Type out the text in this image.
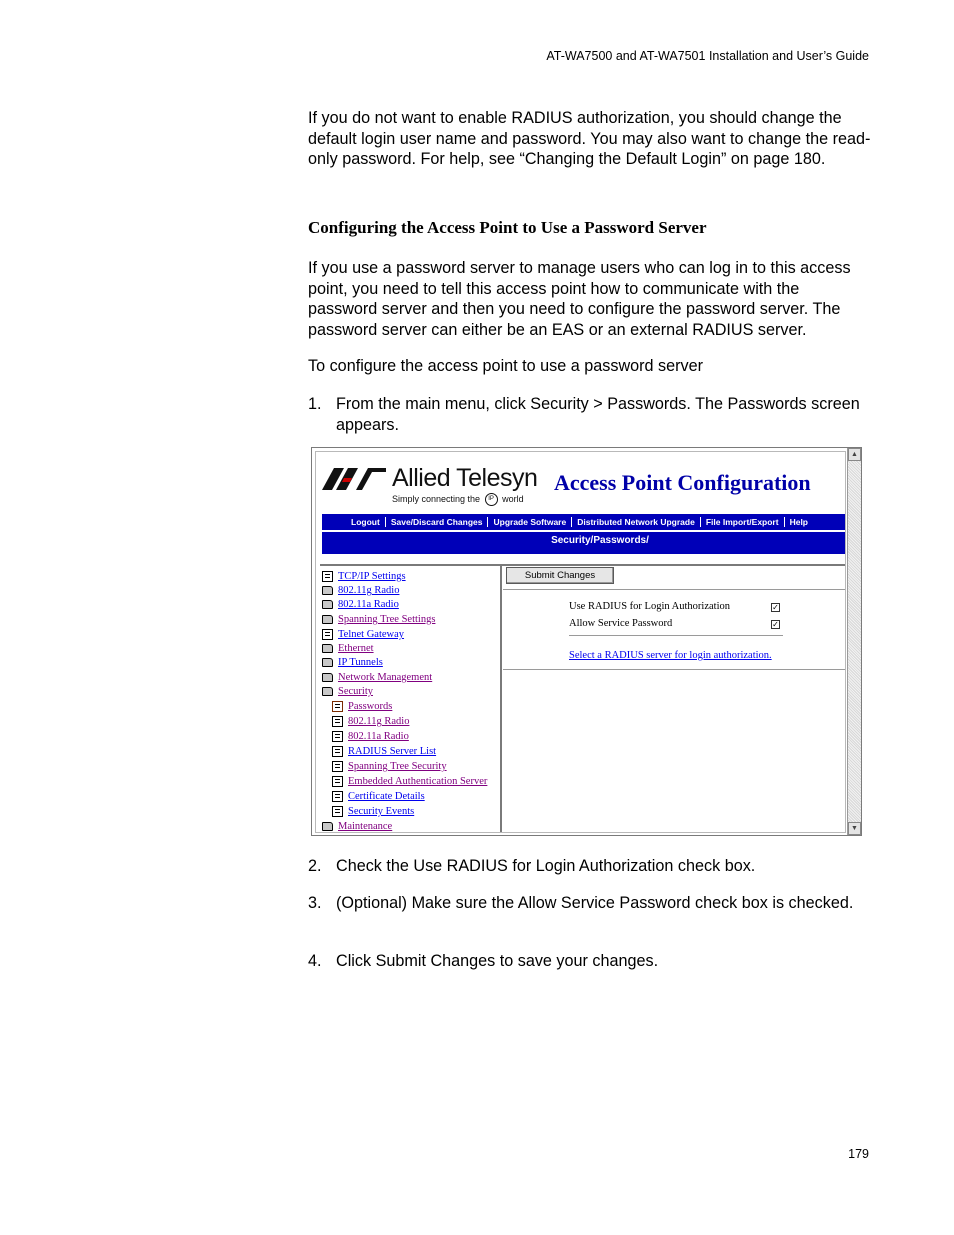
AT-WA7500 and AT-WA7501 Installation and User’s Guide

If you do not want to enable RADIUS authorization, you should change the default login user name and password. You may also want to change the read-only password. For help, see “Changing the Default Login” on page 180.

Configuring the Access Point to Use a Password Server

If you use a password server to manage users who can log in to this access point, you need to tell this access point how to communicate with the password server and then you need to configure the password server. The password server can either be an EAS or an external RADIUS server.

To configure the access point to use a password server

1. From the main menu, click Security > Passwords. The Passwords screen appears.
Allied Telesyn
Simply connecting the IP world
Access Point Configuration
Logout	Save/Discard Changes	Upgrade Software	Distributed Network Upgrade	File Import/Export	Help
Security/Passwords/
TCP/IP Settings
802.11g Radio
802.11a Radio
Spanning Tree Settings
Telnet Gateway
Ethernet
IP Tunnels
Network Management
Security
Passwords
802.11g Radio
802.11a Radio
RADIUS Server List
Spanning Tree Security
Embedded Authentication Server
Certificate Details
Security Events
Maintenance
Submit Changes
Use RADIUS for Login Authorization	✓
Allow Service Password	✓
Select a RADIUS server for login authorization.
▲
▼
2. Check the Use RADIUS for Login Authorization check box.
3. (Optional) Make sure the Allow Service Password check box is checked.
4. Click Submit Changes to save your changes.
179
